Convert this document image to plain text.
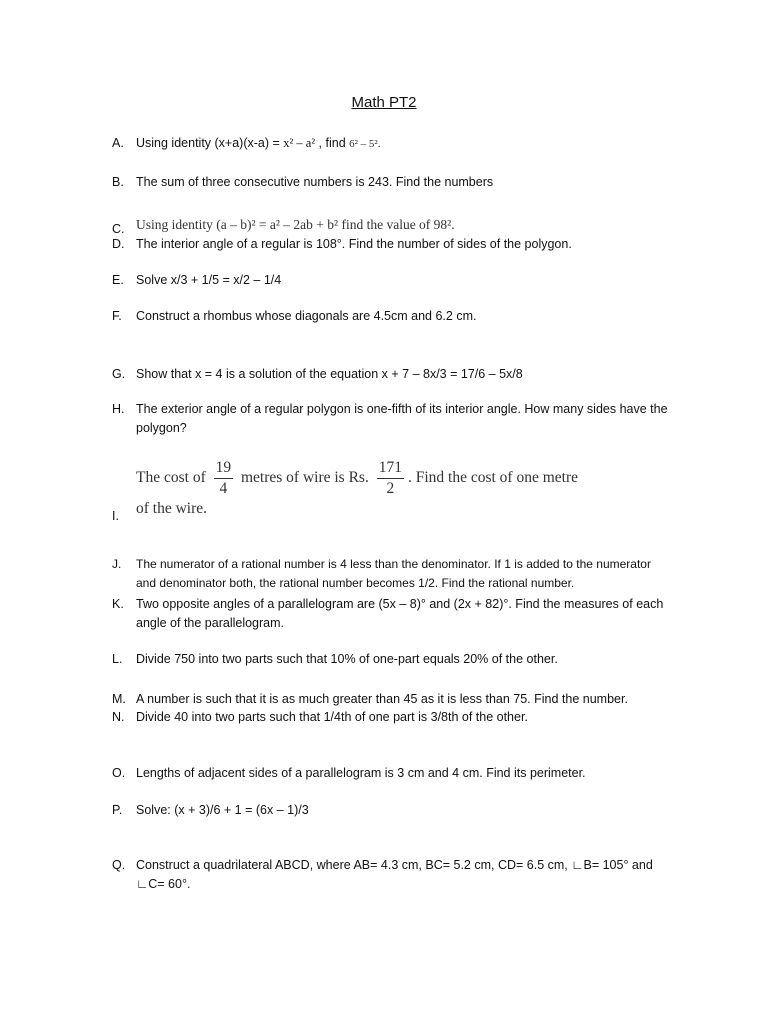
Math PT2
A. Using identity (x+a)(x-a) = x² – a² , find 6² – 5².
B. The sum of three consecutive numbers is 243. Find the numbers
C. Using identity (a – b)² = a² – 2ab + b² find the value of 98².
D. The interior angle of a regular is 108°. Find the number of sides of the polygon.
E. Solve x/3 + 1/5 = x/2 – 1/4
F.	Construct a rhombus whose diagonals are 4.5cm and 6.2 cm.
G. Show that x = 4 is a solution of the equation x + 7 – 8x/3 = 17/6 – 5x/8
H. The exterior angle of a regular polygon is one-fifth of its interior angle. How many sides have the polygon?
The cost of $\frac{19}{4}$ metres of wire is Rs. $\frac{171}{2}$ . Find the cost of one metre
of the wire.
I.
J.	The numerator of a rational number is 4 less than the denominator. If 1 is added to the numerator and denominator both, the rational number becomes 1/2. Find the rational number.
K. Two opposite angles of a parallelogram are (5x – 8)° and (2x + 82)°. Find the measures of each angle of the parallelogram.
L.	Divide 750 into two parts such that 10% of one-part equals 20% of the other.
M. A number is such that it is as much greater than 45 as it is less than 75. Find the number.
N. Divide 40 into two parts such that 1/4th of one part is 3/8th of the other.
O. Lengths of adjacent sides of a parallelogram is 3 cm and 4 cm. Find its perimeter.
P.	Solve: (x + 3)/6 + 1 = (6x – 1)/3
Q. Construct a quadrilateral ABCD, where AB= 4.3 cm, BC= 5.2 cm, CD= 6.5 cm, ∟B= 105° and ∟C= 60°.
